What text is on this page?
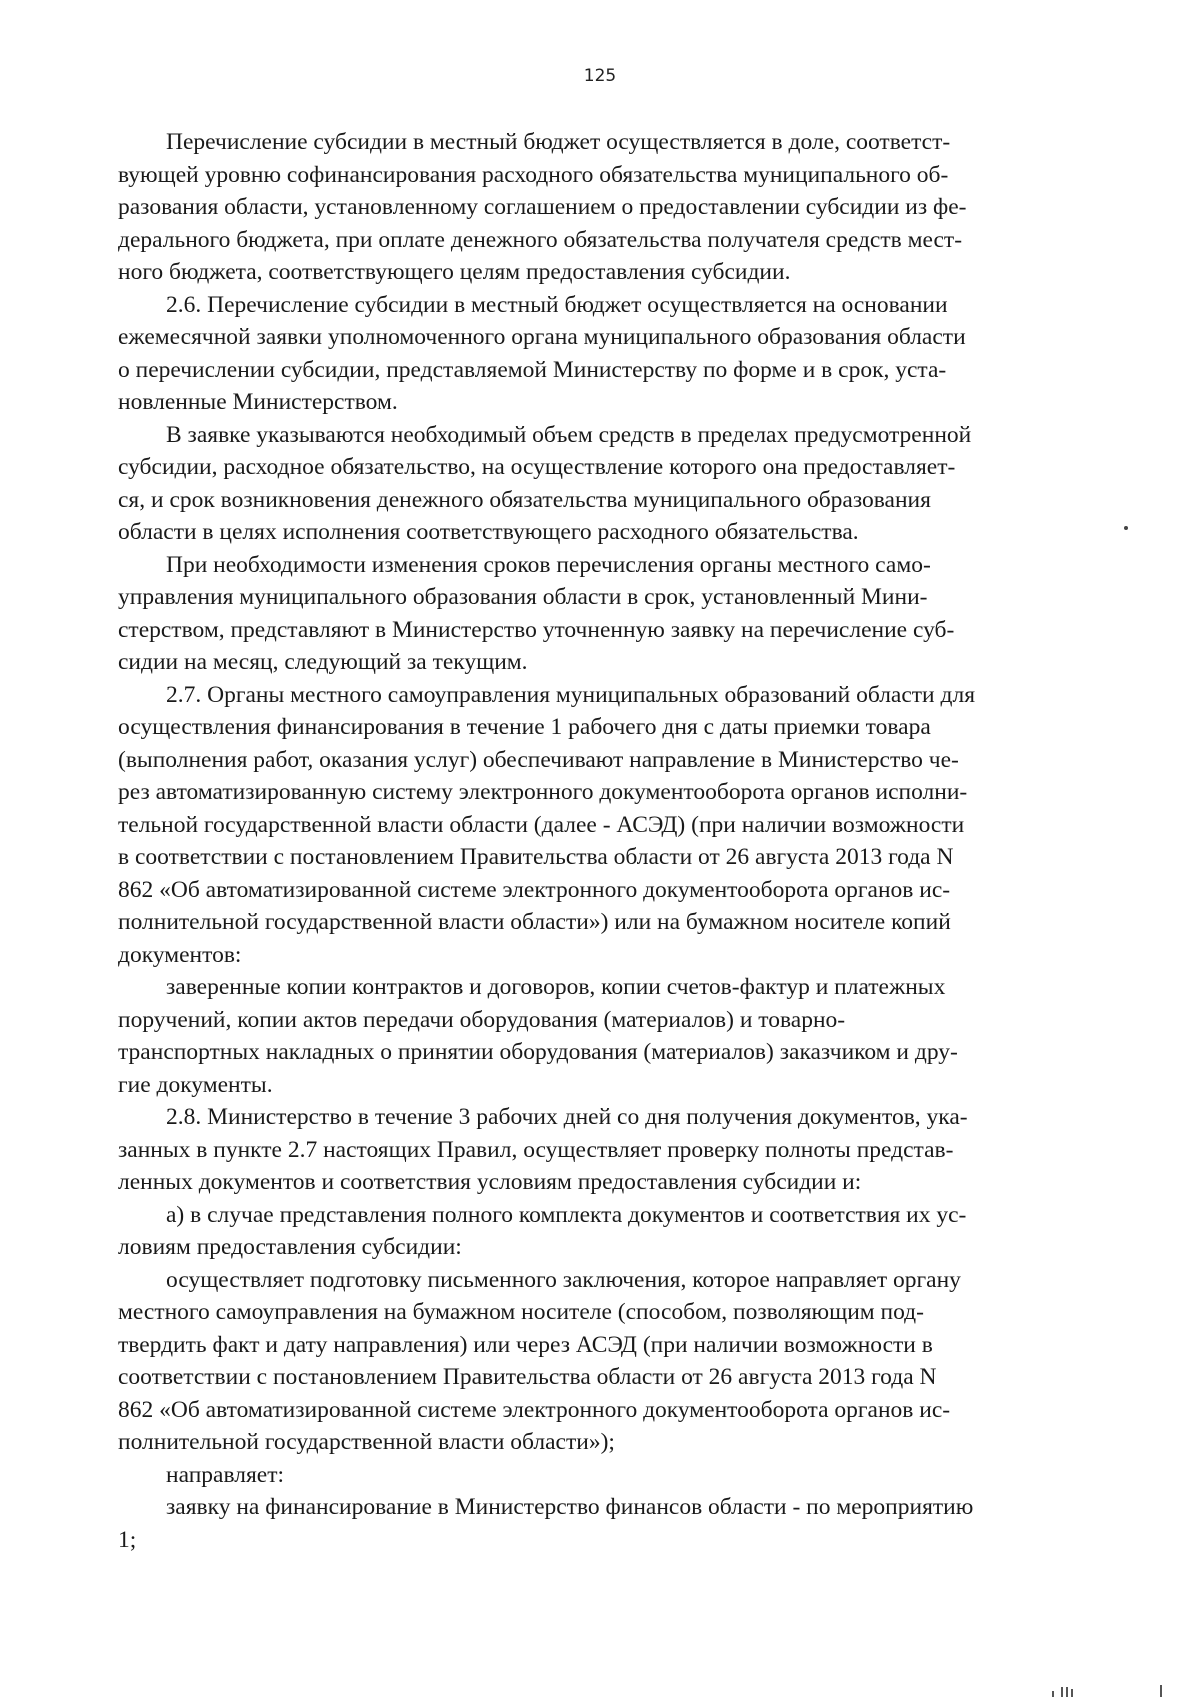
125

Перечисление субсидии в местный бюджет осуществляется в доле, соответст-
вующей уровню софинансирования расходного обязательства муниципального об-
разования области, установленному соглашением о предоставлении субсидии из фе-
дерального бюджета, при оплате денежного обязательства получателя средств мест-
ного бюджета, соответствующего целям предоставления субсидии.

2.6. Перечисление субсидии в местный бюджет осуществляется на основании
ежемесячной заявки уполномоченного органа муниципального образования области
о перечислении субсидии, представляемой Министерству по форме и в срок, уста-
новленные Министерством.

В заявке указываются необходимый объем средств в пределах предусмотренной
субсидии, расходное обязательство, на осуществление которого она предоставляет-
ся, и срок возникновения денежного обязательства муниципального образования
области в целях исполнения соответствующего расходного обязательства.

При необходимости изменения сроков перечисления органы местного само-
управления муниципального образования области в срок, установленный Мини-
стерством, представляют в Министерство уточненную заявку на перечисление суб-
сидии на месяц, следующий за текущим.

2.7. Органы местного самоуправления муниципальных образований области для
осуществления финансирования в течение 1 рабочего дня с даты приемки товара
(выполнения работ, оказания услуг) обеспечивают направление в Министерство че-
рез автоматизированную систему электронного документооборота органов исполни-
тельной государственной власти области (далее - АСЭД) (при наличии возможности
в соответствии с постановлением Правительства области от 26 августа 2013 года N
862 «Об автоматизированной системе электронного документооборота органов ис-
полнительной государственной власти области») или на бумажном носителе копий
документов:

заверенные копии контрактов и договоров, копии счетов-фактур и платежных
поручений, копии актов передачи оборудования (материалов) и товарно-
транспортных накладных о принятии оборудования (материалов) заказчиком и дру-
гие документы.

2.8. Министерство в течение 3 рабочих дней со дня получения документов, ука-
занных в пункте 2.7 настоящих Правил, осуществляет проверку полноты представ-
ленных документов и соответствия условиям предоставления субсидии и:

а) в случае представления полного комплекта документов и соответствия их ус-
ловиям предоставления субсидии:

осуществляет подготовку письменного заключения, которое направляет органу
местного самоуправления на бумажном носителе (способом, позволяющим под-
твердить факт и дату направления) или через АСЭД (при наличии возможности в
соответствии с постановлением Правительства области от 26 августа 2013 года N
862 «Об автоматизированной системе электронного документооборота органов ис-
полнительной государственной власти области»);

направляет:

заявку на финансирование в Министерство финансов области - по мероприятию
1;
